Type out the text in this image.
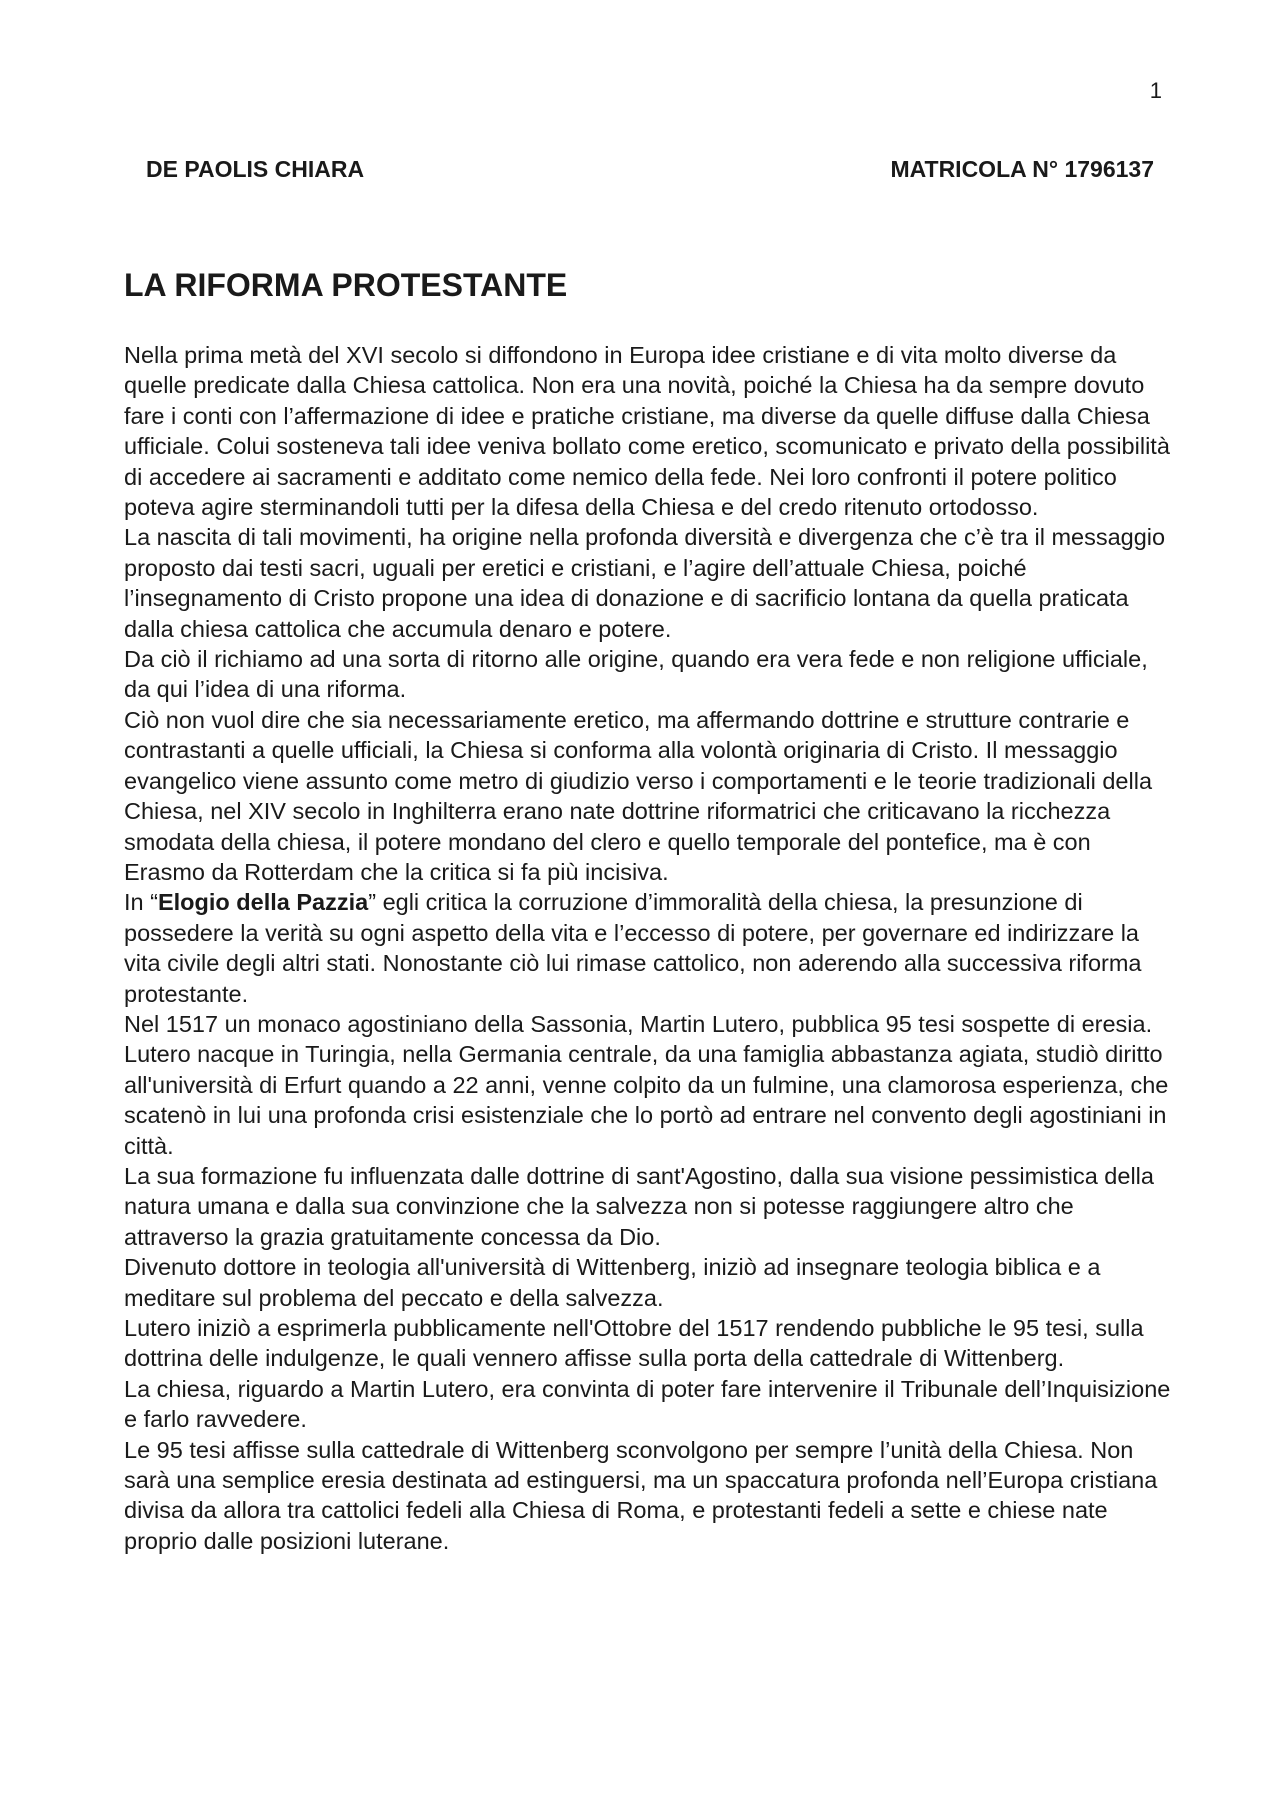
1
DE PAOLIS CHIARA	MATRICOLA N° 1796137
LA RIFORMA PROTESTANTE

Nella prima metà del XVI secolo si diffondono in Europa idee cristiane e di vita molto diverse da quelle predicate dalla Chiesa cattolica. Non era una novità, poiché la Chiesa ha da sempre dovuto fare i conti con l’affermazione di idee e pratiche cristiane, ma diverse da quelle diffuse dalla Chiesa ufficiale. Colui sosteneva tali idee veniva bollato come eretico, scomunicato e privato della possibilità di accedere ai sacramenti e additato come nemico della fede. Nei loro confronti il potere politico poteva agire sterminandoli tutti per la difesa della Chiesa e del credo ritenuto ortodosso.

La nascita di tali movimenti, ha origine nella profonda diversità e divergenza che c’è tra il messaggio proposto dai testi sacri, uguali per eretici e cristiani, e l’agire dell’attuale Chiesa, poiché l’insegnamento di Cristo propone una idea di donazione e di sacrificio lontana da quella praticata dalla chiesa cattolica che accumula denaro e potere.

Da ciò il richiamo ad una sorta di ritorno alle origine, quando era vera fede e non religione ufficiale, da qui l’idea di una riforma.

Ciò non vuol dire che sia necessariamente eretico, ma affermando dottrine e strutture contrarie e contrastanti a quelle ufficiali, la Chiesa si conforma alla volontà originaria di Cristo. Il messaggio evangelico viene assunto come metro di giudizio verso i comportamenti e le teorie tradizionali della Chiesa, nel XIV secolo in Inghilterra erano nate dottrine riformatrici che criticavano la ricchezza smodata della chiesa, il potere mondano del clero e quello temporale del pontefice, ma è con Erasmo da Rotterdam che la critica si fa più incisiva.

In “Elogio della Pazzia” egli critica la corruzione d’immoralità della chiesa, la presunzione di possedere la verità su ogni aspetto della vita e l’eccesso di potere, per governare ed indirizzare la vita civile degli altri stati. Nonostante ciò lui rimase cattolico, non aderendo alla successiva riforma protestante.

Nel 1517 un monaco agostiniano della Sassonia, Martin Lutero, pubblica 95 tesi sospette di eresia.

Lutero nacque in Turingia, nella Germania centrale, da una famiglia abbastanza agiata, studiò diritto all'università di Erfurt quando a 22 anni, venne colpito da un fulmine, una clamorosa esperienza, che scatenò in lui una profonda crisi esistenziale che lo portò ad entrare nel convento degli agostiniani in città.

La sua formazione fu influenzata dalle dottrine di sant'Agostino, dalla sua visione pessimistica della natura umana e dalla sua convinzione che la salvezza non si potesse raggiungere altro che attraverso la grazia gratuitamente concessa da Dio.

Divenuto dottore in teologia all'università di Wittenberg, iniziò ad insegnare teologia biblica e a meditare sul problema del peccato e della salvezza.

Lutero iniziò a esprimerla pubblicamente nell'Ottobre del 1517 rendendo pubbliche le 95 tesi, sulla dottrina delle indulgenze, le quali vennero affisse sulla porta della cattedrale di Wittenberg.

La chiesa, riguardo a Martin Lutero, era convinta di poter fare intervenire il Tribunale dell’Inquisizione e farlo ravvedere.

Le 95 tesi affisse sulla cattedrale di Wittenberg sconvolgono per sempre l’unità della Chiesa. Non sarà una semplice eresia destinata ad estinguersi, ma un spaccatura profonda nell’Europa cristiana divisa da allora tra cattolici fedeli alla Chiesa di Roma, e protestanti fedeli a sette e chiese nate proprio dalle posizioni luterane.
